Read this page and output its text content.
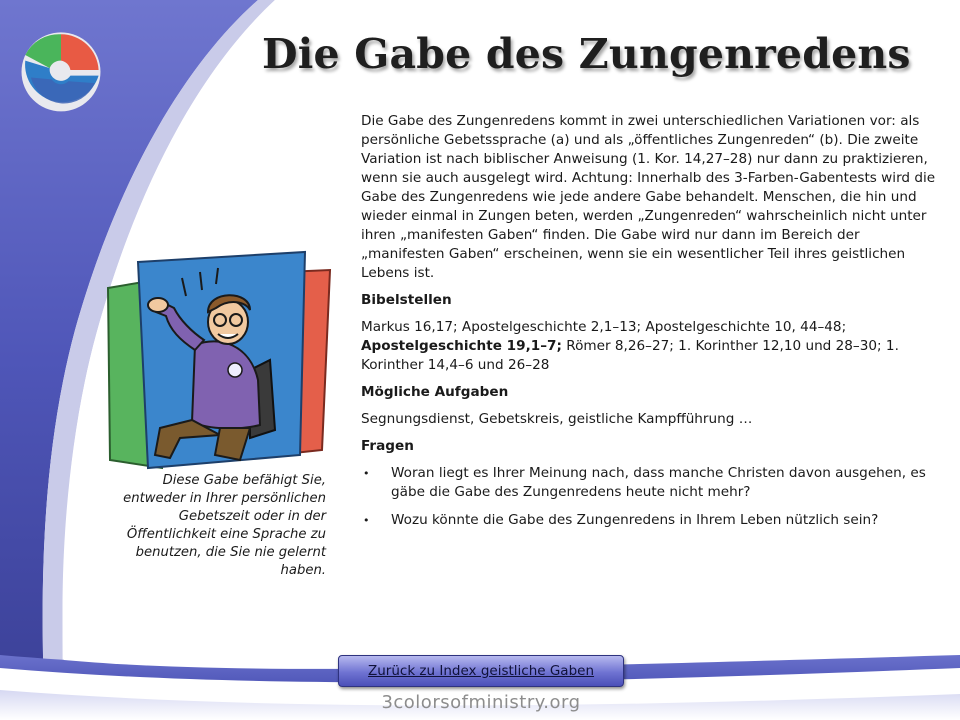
Die Gabe des Zungenredens

Die Gabe des Zungenredens kommt in zwei unterschiedlichen Variationen vor: als persönliche Gebetssprache (a) und als „öffentliches Zungenreden“ (b). Die zweite Variation ist nach biblischer Anweisung (1. Kor. 14,27–28) nur dann zu praktizieren, wenn sie auch ausgelegt wird. Achtung: Innerhalb des 3-Farben-Gabentests wird die Gabe des Zungenredens wie jede andere Gabe behandelt. Menschen, die hin und wieder einmal in Zungen beten, werden „Zungenreden“ wahrscheinlich nicht unter ihren „manifesten Gaben“ finden. Die Gabe wird nur dann im Bereich der „manifesten Gaben“ erscheinen, wenn sie ein wesentlicher Teil ihres geistlichen Lebens ist.

Bibelstellen

Markus 16,17; Apostelgeschichte 2,1–13; Apostelgeschichte 10, 44–48; Apostelgeschichte 19,1–7; Römer 8,26–27; 1. Korinther 12,10 und 28–30; 1. Korinther 14,4–6 und 26–28

Mögliche Aufgaben

Segnungsdienst, Gebetskreis, geistliche Kampfführung …

Fragen

• Woran liegt es Ihrer Meinung nach, dass manche Christen davon ausgehen, es gäbe die Gabe des Zungenredens heute nicht mehr?
• Wozu könnte die Gabe des Zungenredens in Ihrem Leben nützlich sein?

Diese Gabe befähigt Sie, entweder in Ihrer persönlichen Gebetszeit oder in der Öffentlichkeit eine Sprache zu benutzen, die Sie nie gelernt haben.

Zurück zu Index geistliche Gaben
3colorsofministry.org
